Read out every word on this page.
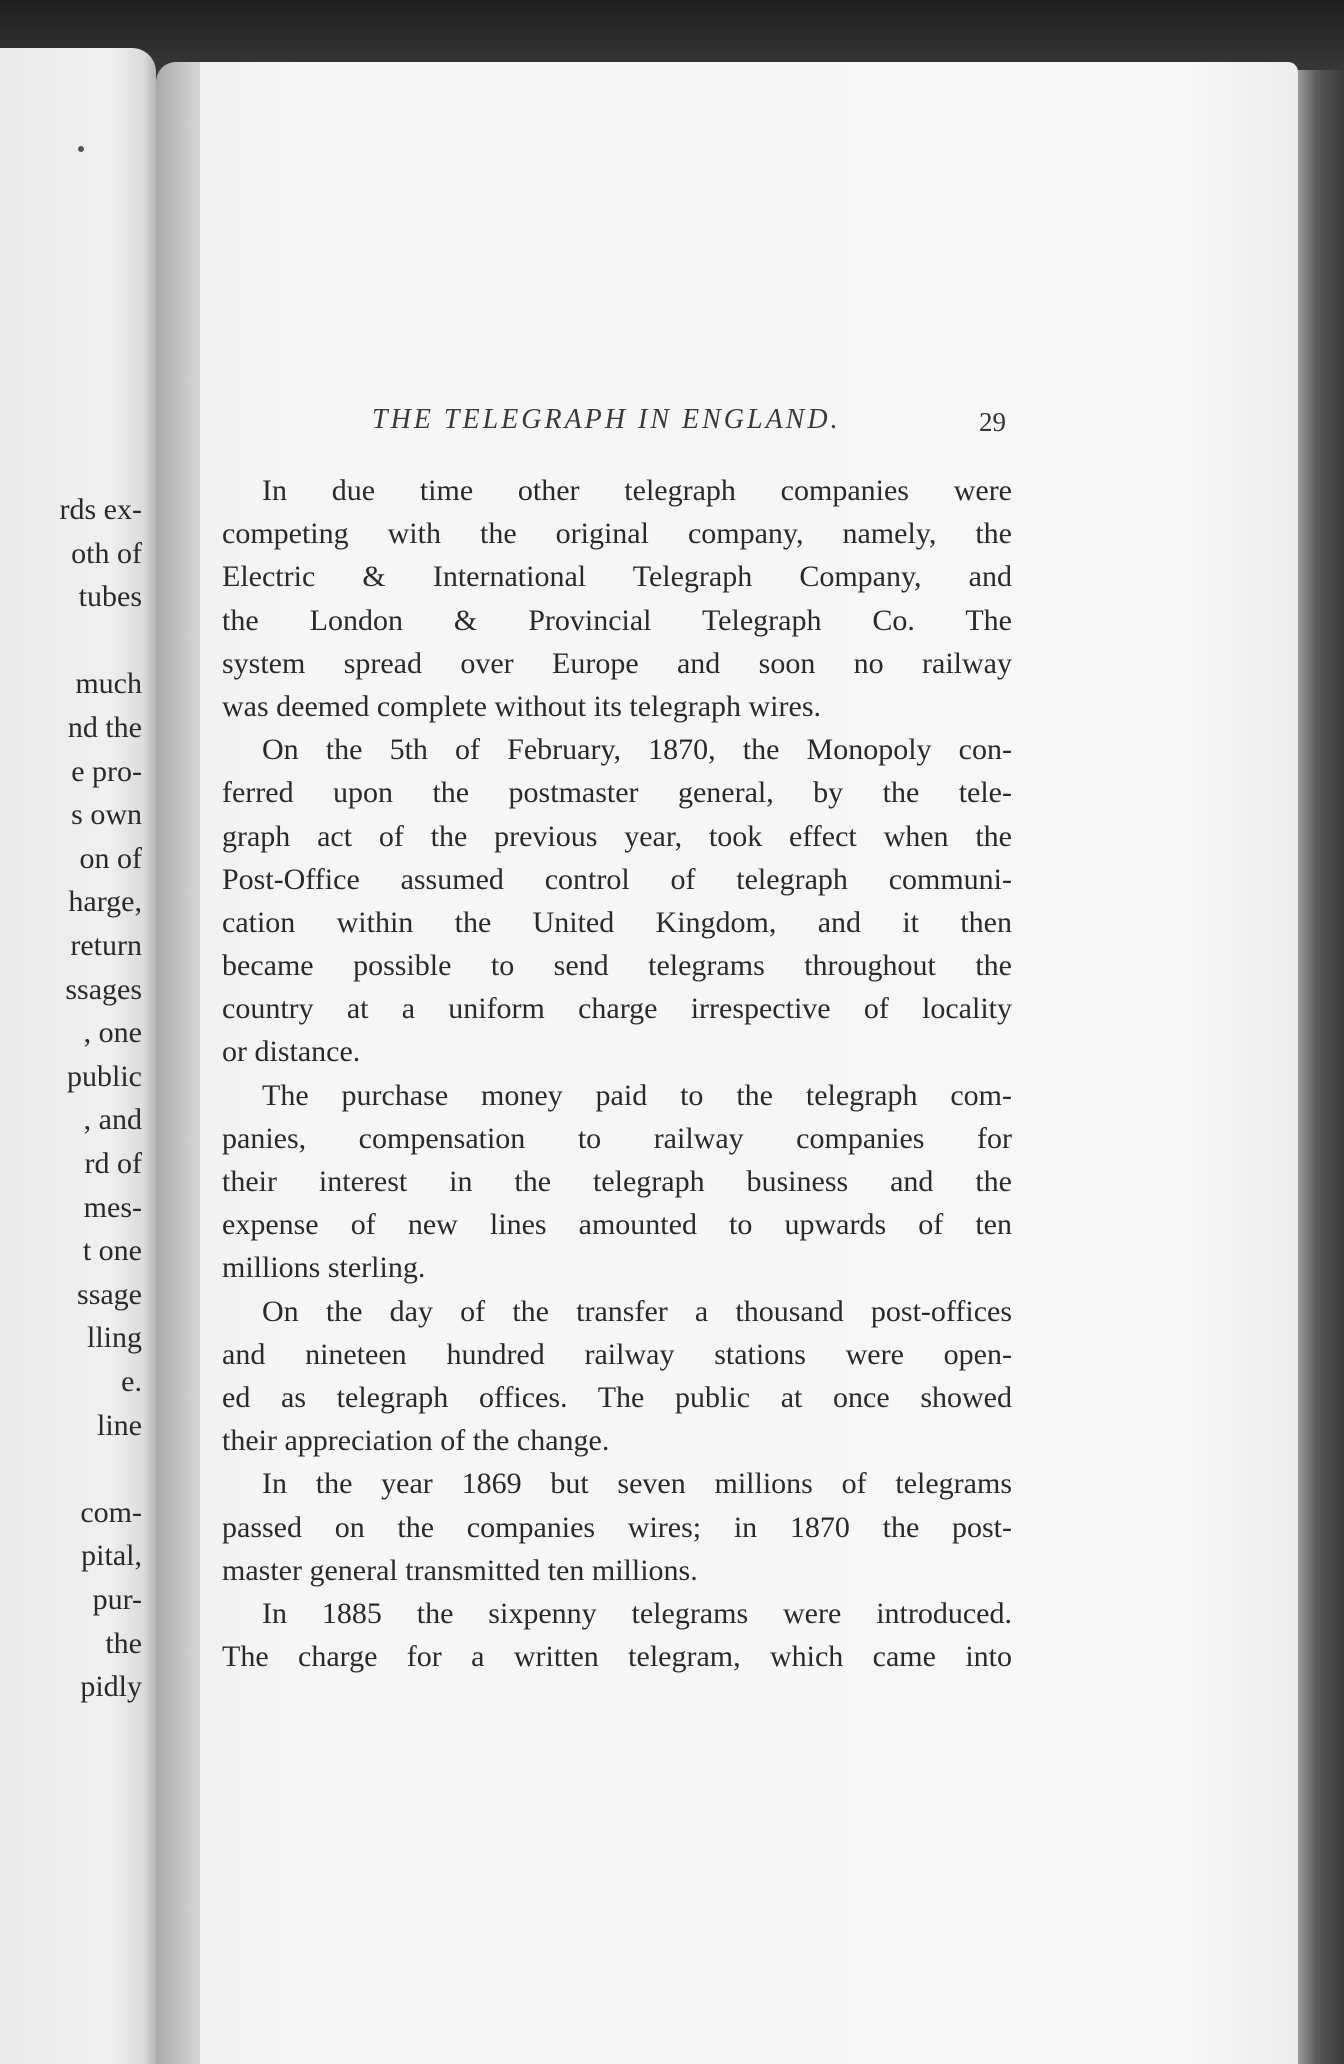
rds ex-
oth of
tubes
much
nd the
e pro-
s own
on of
harge,
return
ssages
, one
public
, and
rd of
mes-
t one
ssage
lling
e.
line
com-
pital,
pur-
the
pidly
THE TELEGRAPH IN ENGLAND.	29
In due time other telegraph companies were
competing with the original company, namely, the
Electric & International Telegraph Company, and
the London & Provincial Telegraph Co. The
system spread over Europe and soon no railway
was deemed complete without its telegraph wires.
On the 5th of February, 1870, the Monopoly con-
ferred upon the postmaster general, by the tele-
graph act of the previous year, took effect when the
Post-Office assumed control of telegraph communi-
cation within the United Kingdom, and it then
became possible to send telegrams throughout the
country at a uniform charge irrespective of locality
or distance.
The purchase money paid to the telegraph com-
panies, compensation to railway companies for
their interest in the telegraph business and the
expense of new lines amounted to upwards of ten
millions sterling.
On the day of the transfer a thousand post-offices
and nineteen hundred railway stations were open-
ed as telegraph offices. The public at once showed
their appreciation of the change.
In the year 1869 but seven millions of telegrams
passed on the companies wires; in 1870 the post-
master general transmitted ten millions.
In 1885 the sixpenny telegrams were introduced.
The charge for a written telegram, which came into
